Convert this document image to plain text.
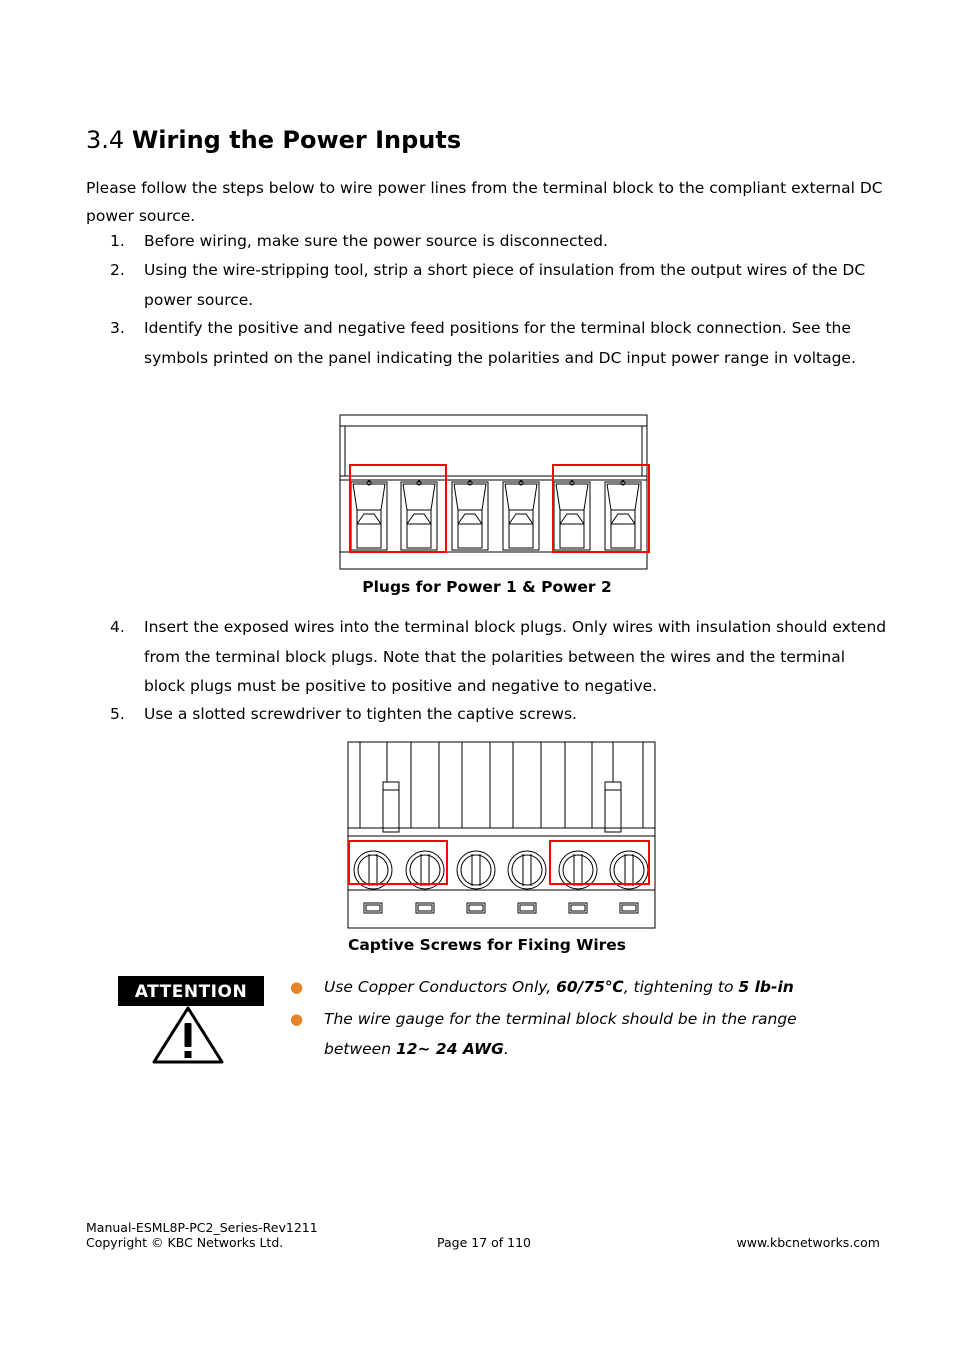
3.4 Wiring the Power Inputs
Please follow the steps below to wire power lines from the terminal block to the compliant external DC power source.
1.	Before wiring, make sure the power source is disconnected.
2.	Using the wire-stripping tool, strip a short piece of insulation from the output wires of the DC power source.
3.	Identify the positive and negative feed positions for the terminal block connection. See the symbols printed on the panel indicating the polarities and DC input power range in voltage.
Plugs for Power 1 & Power 2
4.	Insert the exposed wires into the terminal block plugs. Only wires with insulation should extend from the terminal block plugs. Note that the polarities between the wires and the terminal block plugs must be positive to positive and negative to negative.
5.	Use a slotted screwdriver to tighten the captive screws.
Captive Screws for Fixing Wires
ATTENTION	● Use Copper Conductors Only, 60/75℃, tightening to 5 lb-in
● The wire gauge for the terminal block should be in the range between 12~ 24 AWG.
Manual-ESML8P-PC2_Series-Rev1211
Copyright © KBC Networks Ltd.	Page 17 of 110	www.kbcnetworks.com
